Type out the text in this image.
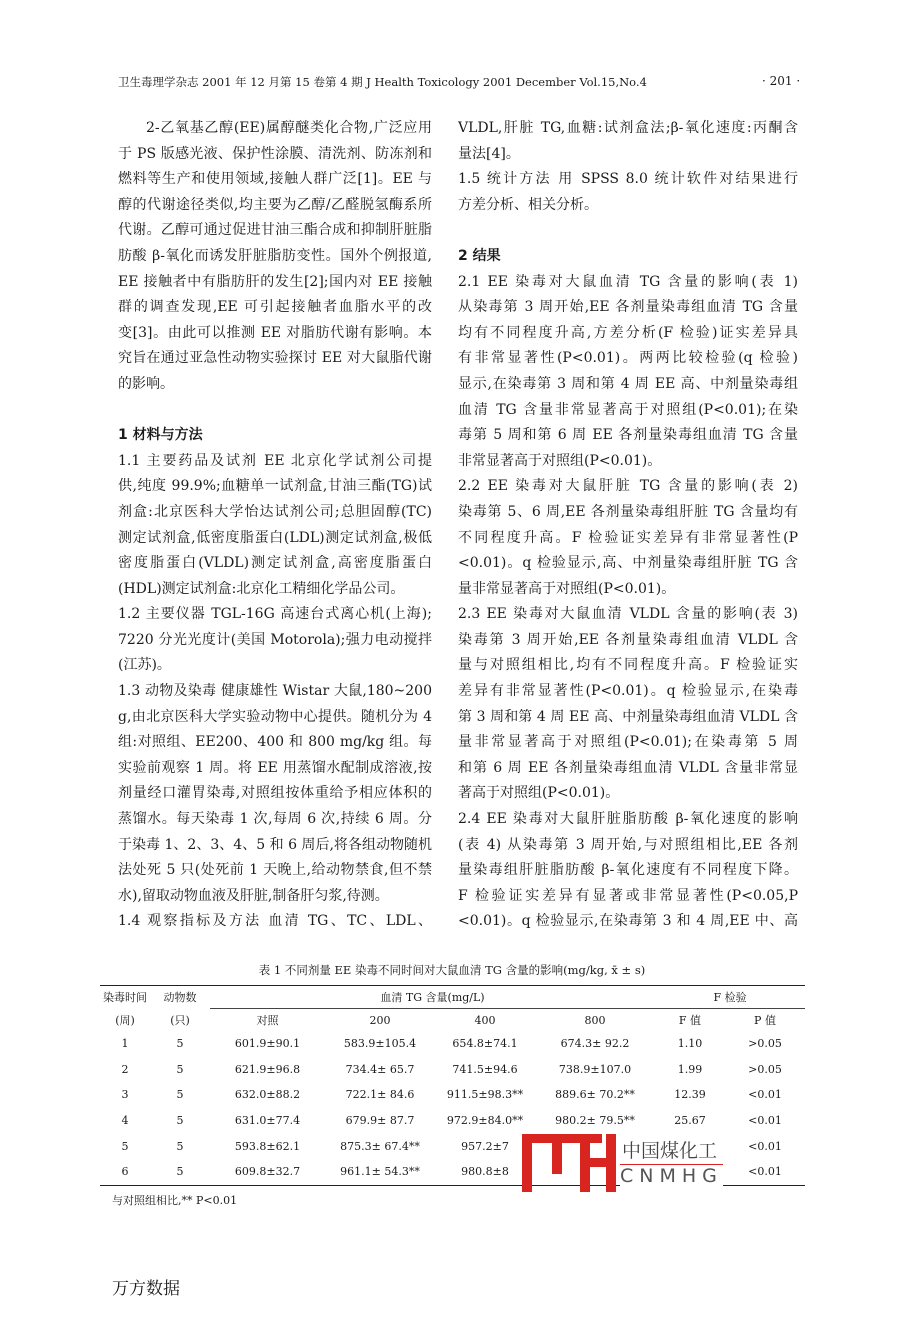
卫生毒理学杂志 2001 年 12 月第 15 卷第 4 期 J Health Toxicology 2001 December Vol.15,No.4	· 201 ·
2-乙氧基乙醇(EE)属醇醚类化合物,广泛应用
于 PS 版感光液、保护性涂膜、清洗剂、防冻剂和
燃料等生产和使用领域,接触人群广泛[1]。EE 与
醇的代谢途径类似,均主要为乙醇/乙醛脱氢酶系所
代谢。乙醇可通过促进甘油三酯合成和抑制肝脏脂
肪酸 β-氧化而诱发肝脏脂肪变性。国外个例报道,
EE 接触者中有脂肪肝的发生[2];国内对 EE 接触
群的调查发现,EE 可引起接触者血脂水平的改
变[3]。由此可以推测 EE 对脂肪代谢有影响。本
究旨在通过亚急性动物实验探讨 EE 对大鼠脂代谢
的影响。
1 材料与方法
1.1 主要药品及试剂 EE 北京化学试剂公司提
供,纯度 99.9%;血糖单一试剂盒,甘油三酯(TG)试
剂盒:北京医科大学怡达试剂公司;总胆固醇(TC)
测定试剂盒,低密度脂蛋白(LDL)测定试剂盒,极低
密度脂蛋白(VLDL)测定试剂盒,高密度脂蛋白
(HDL)测定试剂盒:北京化工精细化学品公司。
1.2 主要仪器 TGL-16G 高速台式离心机(上海);
7220 分光光度计(美国 Motorola);强力电动搅拌
(江苏)。
1.3 动物及染毒 健康雄性 Wistar 大鼠,180~200
g,由北京医科大学实验动物中心提供。随机分为 4
组:对照组、EE200、400 和 800 mg/kg 组。每
实验前观察 1 周。将 EE 用蒸馏水配制成溶液,按
剂量经口灌胃染毒,对照组按体重给予相应体积的
蒸馏水。每天染毒 1 次,每周 6 次,持续 6 周。分
于染毒 1、2、3、4、5 和 6 周后,将各组动物随机
法处死 5 只(处死前 1 天晚上,给动物禁食,但不禁
水),留取动物血液及肝脏,制备肝匀浆,待测。
1.4 观察指标及方法 血清 TG、TC、LDL、
VLDL,肝脏 TG,血糖:试剂盒法;β-氧化速度:丙酮含
量法[4]。
1.5 统计方法 用 SPSS 8.0 统计软件对结果进行
方差分析、相关分析。
2 结果
2.1 EE 染毒对大鼠血清 TG 含量的影响(表 1)
从染毒第 3 周开始,EE 各剂量染毒组血清 TG 含量
均有不同程度升高,方差分析(F 检验)证实差异具
有非常显著性(P<0.01)。两两比较检验(q 检验)
显示,在染毒第 3 周和第 4 周 EE 高、中剂量染毒组
血清 TG 含量非常显著高于对照组(P<0.01);在染
毒第 5 周和第 6 周 EE 各剂量染毒组血清 TG 含量
非常显著高于对照组(P<0.01)。
2.2 EE 染毒对大鼠肝脏 TG 含量的影响(表 2)
染毒第 5、6 周,EE 各剂量染毒组肝脏 TG 含量均有
不同程度升高。F 检验证实差异有非常显著性(P
<0.01)。q 检验显示,高、中剂量染毒组肝脏 TG 含
量非常显著高于对照组(P<0.01)。
2.3 EE 染毒对大鼠血清 VLDL 含量的影响(表 3)
染毒第 3 周开始,EE 各剂量染毒组血清 VLDL 含
量与对照组相比,均有不同程度升高。F 检验证实
差异有非常显著性(P<0.01)。q 检验显示,在染毒
第 3 周和第 4 周 EE 高、中剂量染毒组血清 VLDL 含
量非常显著高于对照组(P<0.01);在染毒第 5 周
和第 6 周 EE 各剂量染毒组血清 VLDL 含量非常显
著高于对照组(P<0.01)。
2.4 EE 染毒对大鼠肝脏脂肪酸 β-氧化速度的影响
(表 4) 从染毒第 3 周开始,与对照组相比,EE 各剂
量染毒组肝脏脂肪酸 β-氧化速度有不同程度下降。
F 检验证实差异有显著或非常显著性(P<0.05,P
<0.01)。q 检验显示,在染毒第 3 和 4 周,EE 中、高
表 1 不同剂量 EE 染毒不同时间对大鼠血清 TG 含量的影响(mg/kg, x̄ ± s)
染毒时间	动物数	血清 TG 含量(mg/L)				F 检验	
(周)	(只)	对照	200	400	800	F 值	P 值
1	5	601.9±90.1	583.9±105.4	654.8±74.1	674.3± 92.2	1.10	>0.05
2	5	621.9±96.8	734.4± 65.7	741.5±94.6	738.9±107.0	1.99	>0.05
3	5	632.0±88.2	722.1± 84.6	911.5±98.3**	889.6± 70.2**	12.39	<0.01
4	5	631.0±77.4	679.9± 87.7	972.9±84.0**	980.2± 79.5**	25.67	<0.01
5	5	593.8±62.1	875.3± 67.4**	957.2±7			<0.01
6	5	609.8±32.7	961.1± 54.3**	980.8±8			<0.01
与对照组相比,** P<0.01
中国煤化工
CNMHG
万方数据
